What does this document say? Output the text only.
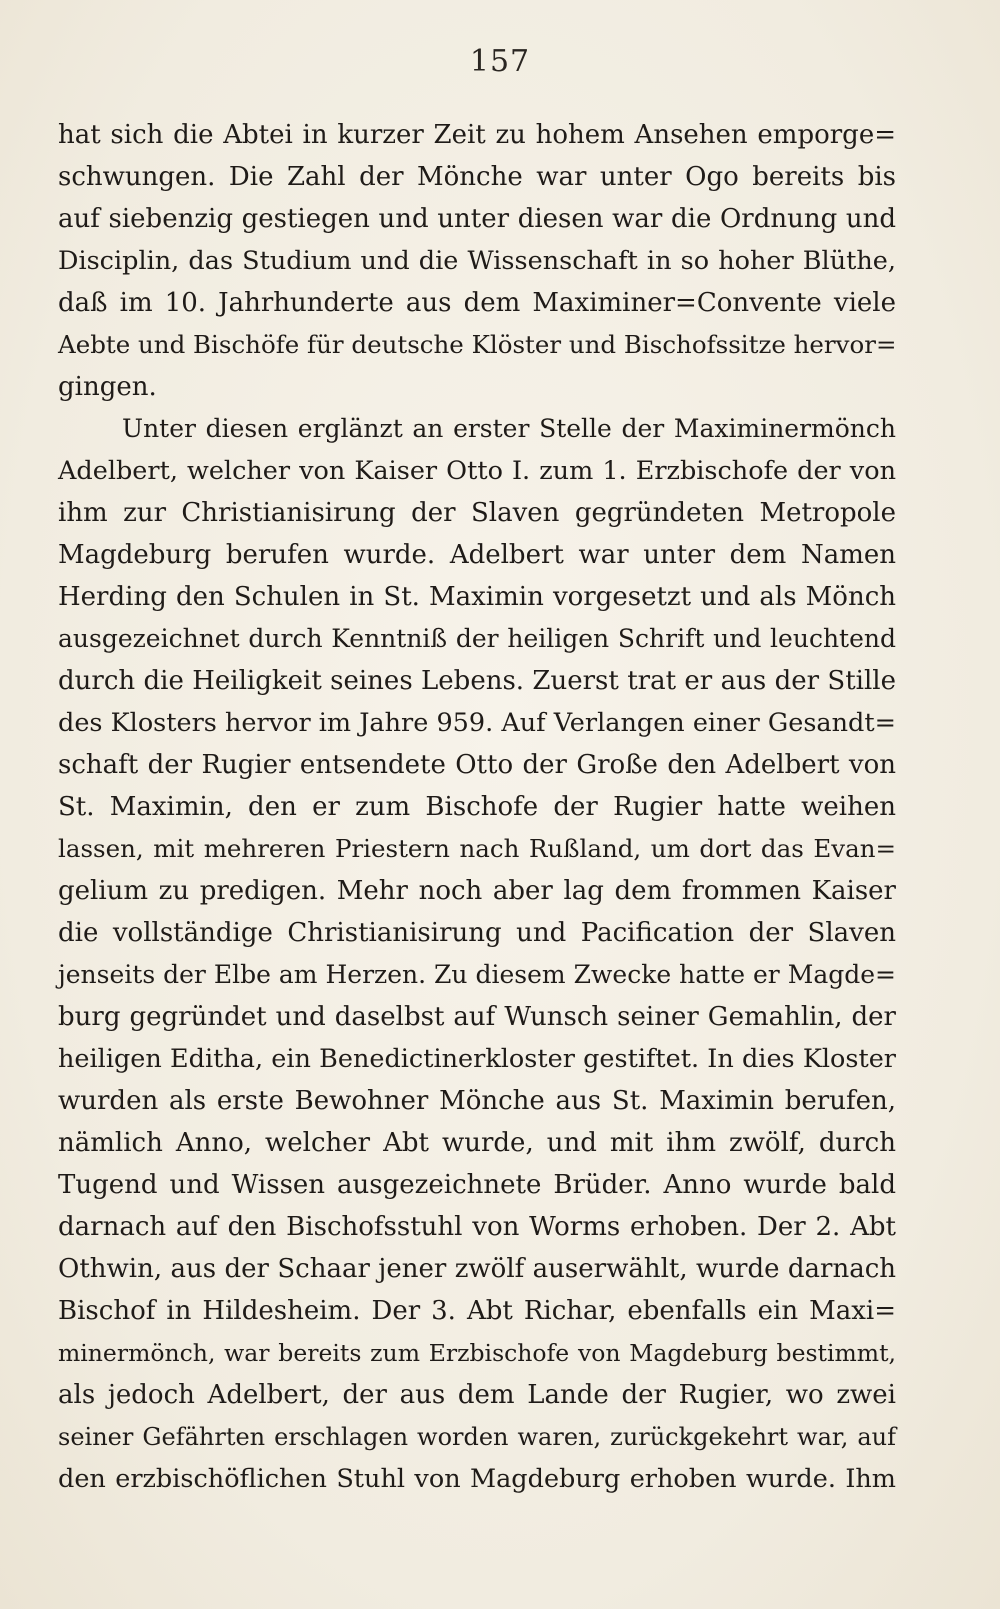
157
hat sich die Abtei in kurzer Zeit zu hohem Ansehen emporge=
schwungen. Die Zahl der Mönche war unter Ogo bereits bis
auf siebenzig gestiegen und unter diesen war die Ordnung und
Disciplin, das Studium und die Wissenschaft in so hoher Blüthe,
daß im 10. Jahrhunderte aus dem Maximiner=Convente viele
Aebte und Bischöfe für deutsche Klöster und Bischofssitze hervor=
gingen.
Unter diesen erglänzt an erster Stelle der Maximinermönch
Adelbert, welcher von Kaiser Otto I. zum 1. Erzbischofe der von
ihm zur Christianisirung der Slaven gegründeten Metropole
Magdeburg berufen wurde. Adelbert war unter dem Namen
Herding den Schulen in St. Maximin vorgesetzt und als Mönch
ausgezeichnet durch Kenntniß der heiligen Schrift und leuchtend
durch die Heiligkeit seines Lebens. Zuerst trat er aus der Stille
des Klosters hervor im Jahre 959. Auf Verlangen einer Gesandt=
schaft der Rugier entsendete Otto der Große den Adelbert von
St. Maximin, den er zum Bischofe der Rugier hatte weihen
lassen, mit mehreren Priestern nach Rußland, um dort das Evan=
gelium zu predigen. Mehr noch aber lag dem frommen Kaiser
die vollständige Christianisirung und Pacification der Slaven
jenseits der Elbe am Herzen. Zu diesem Zwecke hatte er Magde=
burg gegründet und daselbst auf Wunsch seiner Gemahlin, der
heiligen Editha, ein Benedictinerkloster gestiftet. In dies Kloster
wurden als erste Bewohner Mönche aus St. Maximin berufen,
nämlich Anno, welcher Abt wurde, und mit ihm zwölf, durch
Tugend und Wissen ausgezeichnete Brüder. Anno wurde bald
darnach auf den Bischofsstuhl von Worms erhoben. Der 2. Abt
Othwin, aus der Schaar jener zwölf auserwählt, wurde darnach
Bischof in Hildesheim. Der 3. Abt Richar, ebenfalls ein Maxi=
minermönch, war bereits zum Erzbischofe von Magdeburg bestimmt,
als jedoch Adelbert, der aus dem Lande der Rugier, wo zwei
seiner Gefährten erschlagen worden waren, zurückgekehrt war, auf
den erzbischöflichen Stuhl von Magdeburg erhoben wurde. Ihm
